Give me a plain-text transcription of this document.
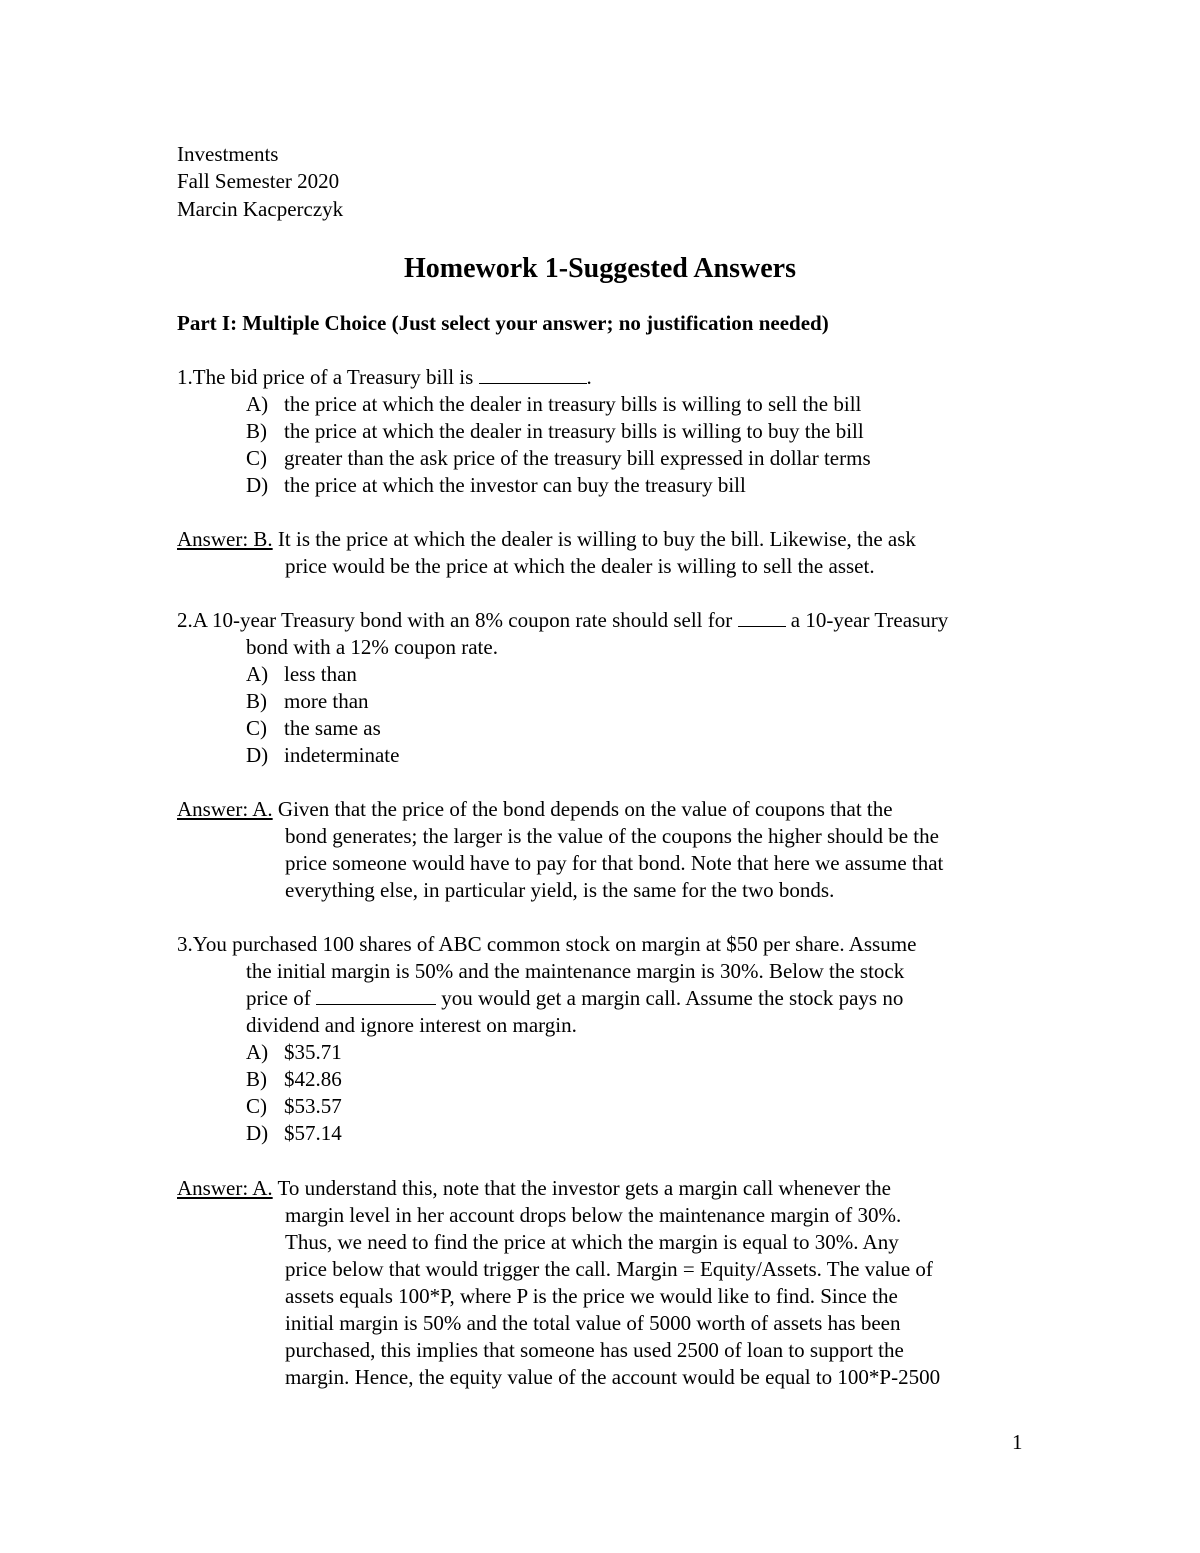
Investments
Fall Semester 2020
Marcin Kacperczyk
Homework 1-Suggested Answers
Part I: Multiple Choice (Just select your answer; no justification needed)
1.The bid price of a Treasury bill is	.
A) the price at which the dealer in treasury bills is willing to sell the bill
B) the price at which the dealer in treasury bills is willing to buy the bill
C) greater than the ask price of the treasury bill expressed in dollar terms
D) the price at which the investor can buy the treasury bill
Answer: B. It is the price at which the dealer is willing to buy the bill. Likewise, the ask
price would be the price at which the dealer is willing to sell the asset.
2.A 10-year Treasury bond with an 8% coupon rate should sell for  a 10-year Treasury
bond with a 12% coupon rate.
A) less than
B) more than
C) the same as
D) indeterminate
Answer: A. Given that the price of the bond depends on the value of coupons that the
bond generates; the larger is the value of the coupons the higher should be the
price someone would have to pay for that bond. Note that here we assume that
everything else, in particular yield, is the same for the two bonds.
3.You purchased 100 shares of ABC common stock on margin at $50 per share. Assume
the initial margin is 50% and the maintenance margin is 30%. Below the stock
price of	you would get a margin call. Assume the stock pays no
dividend and ignore interest on margin.
A) $35.71
B) $42.86
C) $53.57
D) $57.14
Answer: A. To understand this, note that the investor gets a margin call whenever the
margin level in her account drops below the maintenance margin of 30%.
Thus, we need to find the price at which the margin is equal to 30%. Any
price below that would trigger the call. Margin = Equity/Assets. The value of
assets equals 100*P, where P is the price we would like to find. Since the
initial margin is 50% and the total value of 5000 worth of assets has been
purchased, this implies that someone has used 2500 of loan to support the
margin. Hence, the equity value of the account would be equal to 100*P-2500
1
